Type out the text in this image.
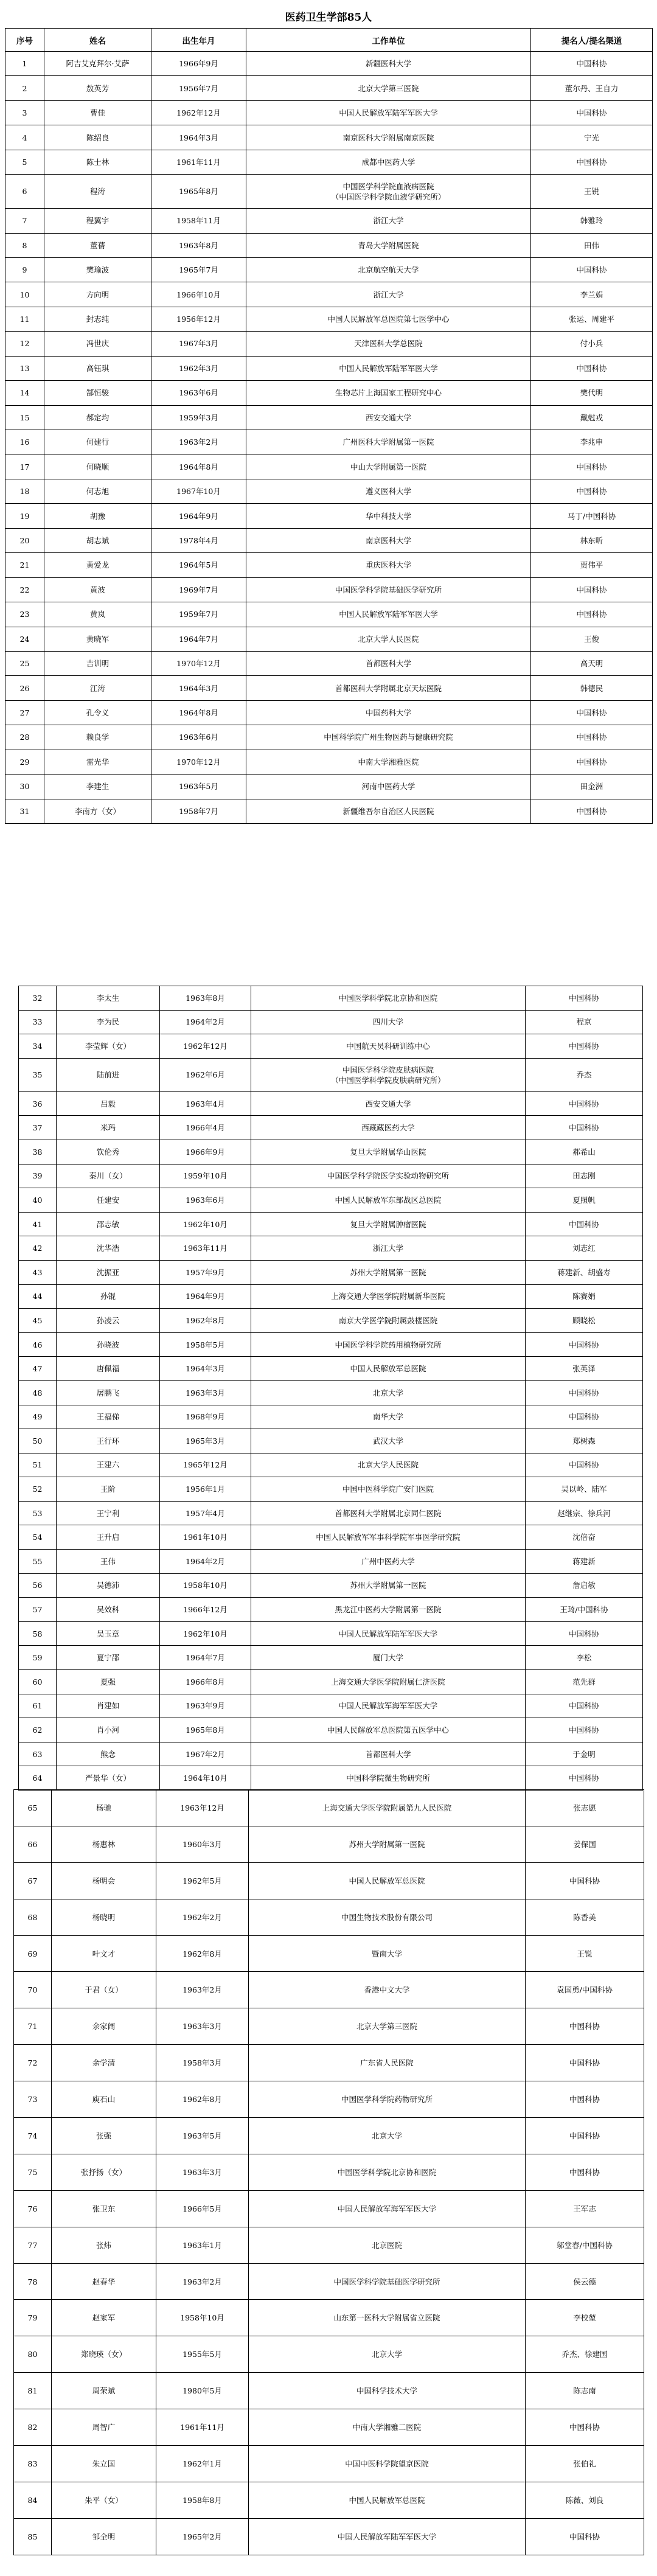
医药卫生学部85人
序号	姓名	出生年月	工作单位	提名人/提名渠道
1	阿吉艾克拜尔·艾萨	1966年9月	新疆医科大学	中国科协
2	敖英芳	1956年7月	北京大学第三医院	董尔丹、王自力
3	曹佳	1962年12月	中国人民解放军陆军军医大学	中国科协
4	陈绍良	1964年3月	南京医科大学附属南京医院	宁光
5	陈士林	1961年11月	成都中医药大学	中国科协
6	程涛	1965年8月	中国医学科学院血液病医院
（中国医学科学院血液学研究所）	王锐
7	程翼宇	1958年11月	浙江大学	韩雅玲
8	董蒨	1963年8月	青岛大学附属医院	田伟
9	樊瑜波	1965年7月	北京航空航天大学	中国科协
10	方向明	1966年10月	浙江大学	李兰娟
11	封志纯	1956年12月	中国人民解放军总医院第七医学中心	张运、周建平
12	冯世庆	1967年3月	天津医科大学总医院	付小兵
13	高钰琪	1962年3月	中国人民解放军陆军军医大学	中国科协
14	郜恒骏	1963年6月	生物芯片上海国家工程研究中心	樊代明
15	郝定均	1959年3月	西安交通大学	戴尅戎
16	何建行	1963年2月	广州医科大学附属第一医院	李兆申
17	何晓顺	1964年8月	中山大学附属第一医院	中国科协
18	何志旭	1967年10月	遵义医科大学	中国科协
19	胡豫	1964年9月	华中科技大学	马丁/中国科协
20	胡志斌	1978年4月	南京医科大学	林东昕
21	黄爱龙	1964年5月	重庆医科大学	贾伟平
22	黄波	1969年7月	中国医学科学院基础医学研究所	中国科协
23	黄岚	1959年7月	中国人民解放军陆军军医大学	中国科协
24	黄晓军	1964年7月	北京大学人民医院	王俊
25	吉训明	1970年12月	首都医科大学	高天明
26	江涛	1964年3月	首都医科大学附属北京天坛医院	韩德民
27	孔令义	1964年8月	中国药科大学	中国科协
28	赖良学	1963年6月	中国科学院广州生物医药与健康研究院	中国科协
29	雷光华	1970年12月	中南大学湘雅医院	中国科协
30	李建生	1963年5月	河南中医药大学	田金洲
31	李南方（女）	1958年7月	新疆维吾尔自治区人民医院	中国科协
32	李太生	1963年8月	中国医学科学院北京协和医院	中国科协
33	李为民	1964年2月	四川大学	程京
34	李莹辉（女）	1962年12月	中国航天员科研训练中心	中国科协
35	陆前进	1962年6月	中国医学科学院皮肤病医院
（中国医学科学院皮肤病研究所）	乔杰
36	吕毅	1963年4月	西安交通大学	中国科协
37	米玛	1966年4月	西藏藏医药大学	中国科协
38	钦伦秀	1966年9月	复旦大学附属华山医院	郝希山
39	秦川（女）	1959年10月	中国医学科学院医学实验动物研究所	田志刚
40	任建安	1963年6月	中国人民解放军东部战区总医院	夏照帆
41	邵志敏	1962年10月	复旦大学附属肿瘤医院	中国科协
42	沈华浩	1963年11月	浙江大学	刘志红
43	沈振亚	1957年9月	苏州大学附属第一医院	蒋建新、胡盛寿
44	孙锟	1964年9月	上海交通大学医学院附属新华医院	陈赛娟
45	孙凌云	1962年8月	南京大学医学院附属鼓楼医院	顾晓松
46	孙晓波	1958年5月	中国医学科学院药用植物研究所	中国科协
47	唐佩福	1964年3月	中国人民解放军总医院	张英泽
48	屠鹏飞	1963年3月	北京大学	中国科协
49	王福俤	1968年9月	南华大学	中国科协
50	王行环	1965年3月	武汉大学	郑树森
51	王建六	1965年12月	北京大学人民医院	中国科协
52	王阶	1956年1月	中国中医科学院广安门医院	吴以岭、陆军
53	王宁利	1957年4月	首都医科大学附属北京同仁医院	赵继宗、徐兵河
54	王升启	1961年10月	中国人民解放军军事科学院军事医学研究院	沈倍奋
55	王伟	1964年2月	广州中医药大学	蒋建新
56	吴德沛	1958年10月	苏州大学附属第一医院	詹启敏
57	吴效科	1966年12月	黑龙江中医药大学附属第一医院	王琦/中国科协
58	吴玉章	1962年10月	中国人民解放军陆军军医大学	中国科协
59	夏宁邵	1964年7月	厦门大学	李松
60	夏强	1966年8月	上海交通大学医学院附属仁济医院	范先群
61	肖建如	1963年9月	中国人民解放军海军军医大学	中国科协
62	肖小河	1965年8月	中国人民解放军总医院第五医学中心	中国科协
63	熊念	1967年2月	首都医科大学	于金明
64	严景华（女）	1964年10月	中国科学院微生物研究所	中国科协
65	杨驰	1963年12月	上海交通大学医学院附属第九人民医院	张志愿
66	杨惠林	1960年3月	苏州大学附属第一医院	姜保国
67	杨明会	1962年5月	中国人民解放军总医院	中国科协
68	杨晓明	1962年2月	中国生物技术股份有限公司	陈香美
69	叶文才	1962年8月	暨南大学	王锐
70	于君（女）	1963年2月	香港中文大学	袁国勇/中国科协
71	余家阔	1963年3月	北京大学第三医院	中国科协
72	余学清	1958年3月	广东省人民医院	中国科协
73	庾石山	1962年8月	中国医学科学院药物研究所	中国科协
74	张强	1963年5月	北京大学	中国科协
75	张抒扬（女）	1963年3月	中国医学科学院北京协和医院	中国科协
76	张卫东	1966年5月	中国人民解放军海军军医大学	王军志
77	张炜	1963年1月	北京医院	邬堂春/中国科协
78	赵春华	1963年2月	中国医学科学院基础医学研究所	侯云德
79	赵家军	1958年10月	山东第一医科大学附属省立医院	李校堃
80	郑晓瑛（女）	1955年5月	北京大学	乔杰、徐建国
81	周荣斌	1980年5月	中国科学技术大学	陈志南
82	周智广	1961年11月	中南大学湘雅二医院	中国科协
83	朱立国	1962年1月	中国中医科学院望京医院	张伯礼
84	朱平（女）	1958年8月	中国人民解放军总医院	陈薇、刘良
85	邹全明	1965年2月	中国人民解放军陆军军医大学	中国科协
